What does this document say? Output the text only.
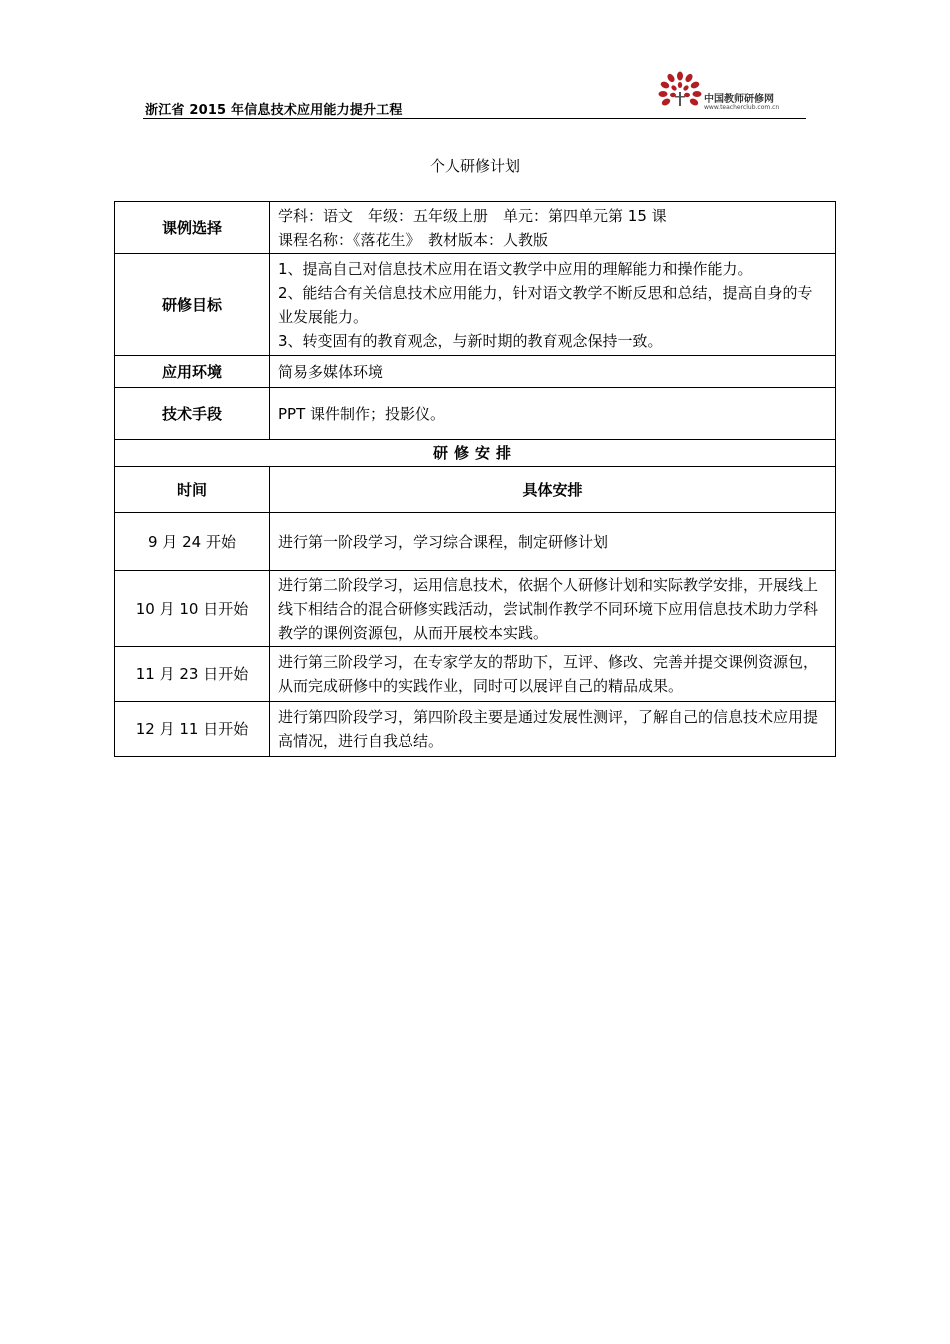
浙江省 2015 年信息技术应用能力提升工程
中国教师研修网
www.teacherclub.com.cn
个人研修计划
课例选择	学科：语文　年级：五年级上册　单元：第四单元第 15 课
课程名称：《落花生》　教材版本：人教版

研修目标	1、提高自己对信息技术应用在语文教学中应用的理解能力和操作能力。
2、能结合有关信息技术应用能力，针对语文教学不断反思和总结，提高自身的专业发展能力。
3、转变固有的教育观念，与新时期的教育观念保持一致。

应用环境	简易多媒体环境
技术手段	PPT 课件制作；投影仪。
研修安排	
时间	具体安排
9 月 24 开始	进行第一阶段学习，学习综合课程，制定研修计划
10 月 10 日开始	进行第二阶段学习，运用信息技术，依据个人研修计划和实际教学安排，开展线上线下相结合的混合研修实践活动，尝试制作教学不同环境下应用信息技术助力学科教学的课例资源包，从而开展校本实践。
11 月 23 日开始	进行第三阶段学习，在专家学友的帮助下，互评、修改、完善并提交课例资源包，从而完成研修中的实践作业，同时可以展评自己的精品成果。
12 月 11 日开始	进行第四阶段学习，第四阶段主要是通过发展性测评，了解自己的信息技术应用提高情况，进行自我总结。
